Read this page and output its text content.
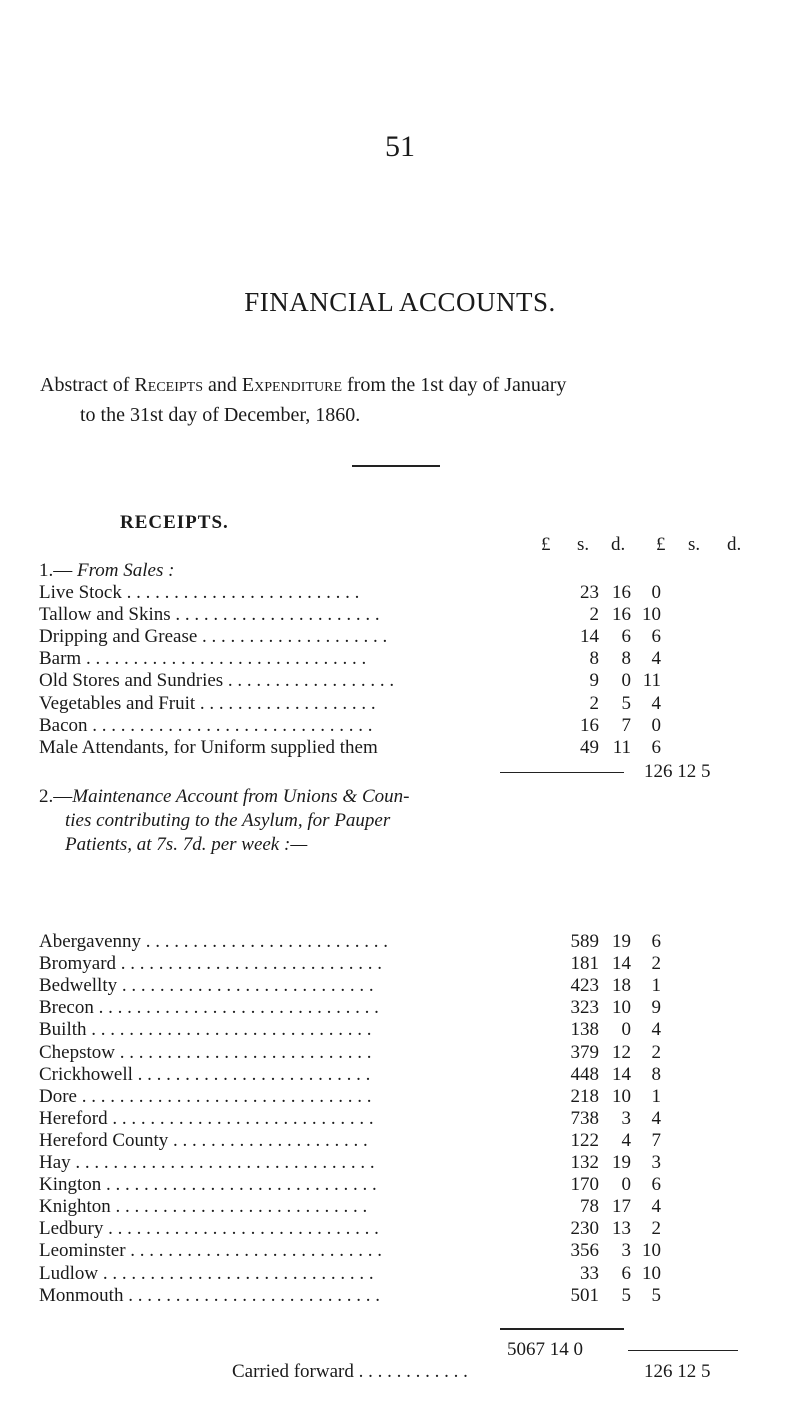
51
FINANCIAL ACCOUNTS.
Abstract of Receipts and Expenditure from the 1st day of January
to the 31st day of December, 1860.
RECEIPTS.
£ s. d. £ s. d.
1.— From Sales :
Live Stock . . . . . . . . . . . . . . . . . . . . . . . . .	23 16	0
Tallow and Skins . . . . . . . . . . . . . . . . . . . . . .	2 16 10
Dripping and Grease . . . . . . . . . . . . . . . . . . . .	14	6	6
Barm . . . . . . . . . . . . . . . . . . . . . . . . . . . . . .	8	8	4
Old Stores and Sundries . . . . . . . . . . . . . . . . . .	9	0 11
Vegetables and Fruit . . . . . . . . . . . . . . . . . . .	2	5	4
Bacon . . . . . . . . . . . . . . . . . . . . . . . . . . . . . .	16	7	0
Male Attendants, for Uniform supplied them	49 11	6
126 12 5
2.—Maintenance Account from Unions & Coun-
ties contributing to the Asylum, for Pauper
Patients, at 7s. 7d. per week :—
Abergavenny . . . . . . . . . . . . . . . . . . . . . . . . . .	589 19	6
Bromyard . . . . . . . . . . . . . . . . . . . . . . . . . . . .	181 14	2
Bedwellty . . . . . . . . . . . . . . . . . . . . . . . . . . .	423 18	1
Brecon . . . . . . . . . . . . . . . . . . . . . . . . . . . . . .	323 10	9
Builth . . . . . . . . . . . . . . . . . . . . . . . . . . . . . .	138	0	4
Chepstow . . . . . . . . . . . . . . . . . . . . . . . . . . .	379 12	2
Crickhowell . . . . . . . . . . . . . . . . . . . . . . . . .	448 14	8
Dore . . . . . . . . . . . . . . . . . . . . . . . . . . . . . . .	218 10	1
Hereford . . . . . . . . . . . . . . . . . . . . . . . . . . . .	738	3	4
Hereford County . . . . . . . . . . . . . . . . . . . . .	122	4	7
Hay . . . . . . . . . . . . . . . . . . . . . . . . . . . . . . . .	132 19	3
Kington . . . . . . . . . . . . . . . . . . . . . . . . . . . . .	170	0	6
Knighton . . . . . . . . . . . . . . . . . . . . . . . . . . .	78 17	4
Ledbury . . . . . . . . . . . . . . . . . . . . . . . . . . . . .	230 13	2
Leominster . . . . . . . . . . . . . . . . . . . . . . . . . . .	356	3 10
Ludlow . . . . . . . . . . . . . . . . . . . . . . . . . . . . .	33	6 10
Monmouth . . . . . . . . . . . . . . . . . . . . . . . . . . .	501	5	5
5067 14 0
Carried forward . . . . . . . . . . . .	126 12 5
